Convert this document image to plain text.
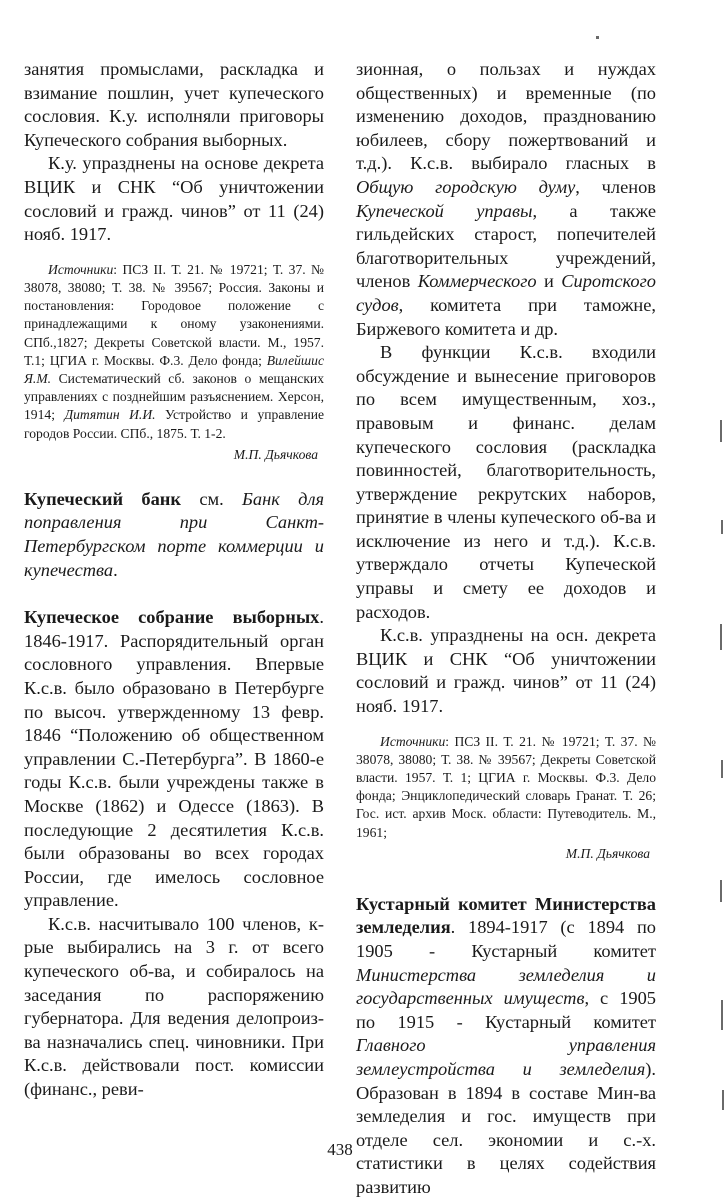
занятия промыслами, раскладка и взимание пошлин, учет купеческого сословия. К.у. исполняли приговоры Купеческого собрания выборных.

К.у. упразднены на основе декрета ВЦИК и СНК “Об уничтожении сословий и гражд. чинов” от 11 (24) нояб. 1917.

Источники: ПСЗ II. Т. 21. № 19721; Т. 37. № 38078, 38080; Т. 38. № 39567; Россия. Законы и постановления: Городовое положение с принадлежащими к оному узаконениями. СПб.,1827; Декреты Советской власти. М., 1957. Т.1; ЦГИА г. Москвы. Ф.3. Дело фонда; Вилейшис Я.М. Систематический сб. законов о мещанских управлениях с позднейшим разъяснением. Херсон, 1914; Дитятин И.И. Устройство и управление городов России. СПб., 1875. Т. 1-2.

М.П. Дьячкова

Купеческий банк см. Банк для поправления при Санкт-Петербургском порте коммерции и купечества.

Купеческое собрание выборных. 1846-1917. Распорядительный орган сословного управления. Впервые К.с.в. было образовано в Петербурге по высоч. утвержденному 13 февр. 1846 “Положению об общественном управлении С.-Петербурга”. В 1860-е годы К.с.в. были учреждены также в Москве (1862) и Одессе (1863). В последующие 2 десятилетия К.с.в. были образованы во всех городах России, где имелось сословное управление.

К.с.в. насчитывало 100 членов, к-рые выбирались на 3 г. от всего купеческого об-ва, и собиралось на заседания по распоряжению губернатора. Для ведения делопроиз-ва назначались спец. чиновники. При К.с.в. действовали пост. комиссии (финанс., реви-

зионная, о пользах и нуждах общественных) и временные (по изменению доходов, празднованию юбилеев, сбору пожертвований и т.д.). К.с.в. выбирало гласных в Общую городскую думу, членов Купеческой управы, а также гильдейских старост, попечителей благотворительных учреждений, членов Коммерческого и Сиротского судов, комитета при таможне, Биржевого комитета и др.

В функции К.с.в. входили обсуждение и вынесение приговоров по всем имущественным, хоз., правовым и финанс. делам купеческого сословия (раскладка повинностей, благотворительность, утверждение рекрутских наборов, принятие в члены купеческого об-ва и исключение из него и т.д.). К.с.в. утверждало отчеты Купеческой управы и смету ее доходов и расходов.

К.с.в. упразднены на осн. декрета ВЦИК и СНК “Об уничтожении сословий и гражд. чинов” от 11 (24) нояб. 1917.

Источники: ПСЗ II. Т. 21. № 19721; Т. 37. № 38078, 38080; Т. 38. № 39567; Декреты Советской власти. 1957. Т. 1; ЦГИА г. Москвы. Ф.3. Дело фонда; Энциклопедический словарь Гранат. Т. 26; Гос. ист. архив Моск. области: Путеводитель. М., 1961;

М.П. Дьячкова

Кустарный комитет Министерства земледелия. 1894-1917 (с 1894 по 1905 - Кустарный комитет Министерства земледелия и государственных имуществ, с 1905 по 1915 - Кустарный комитет Главного управления землеустройства и земледелия). Образован в 1894 в составе Мин-ва земледелия и гос. имуществ при отделе сел. экономии и с.-х. статистики в целях содействия развитию

438
